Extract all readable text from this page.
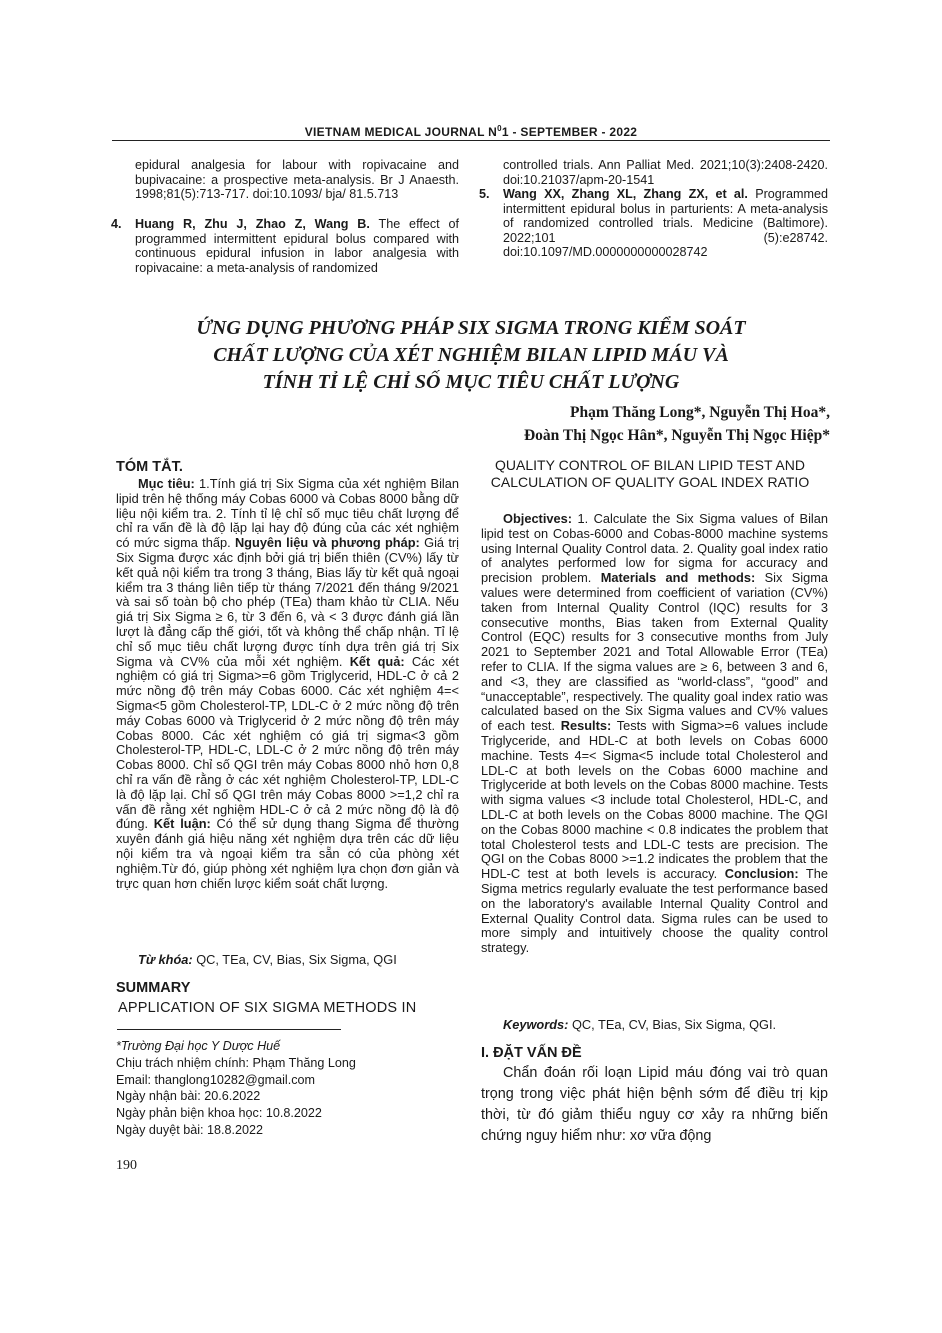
VIETNAM MEDICAL JOURNAL $N^01$ - SEPTEMBER - 2022
epidural analgesia for labour with ropivacaine and bupivacaine: a prospective meta-analysis. Br J Anaesth. 1998;81(5):713-717. doi:10.1093/ bja/ 81.5.713
4. Huang R, Zhu J, Zhao Z, Wang B. The effect of programmed intermittent epidural bolus compared with continuous epidural infusion in labor analgesia with ropivacaine: a meta-analysis of randomized
controlled trials. Ann Palliat Med. 2021;10(3):2408-2420. doi:10.21037/apm-20-1541
5. Wang XX, Zhang XL, Zhang ZX, et al. Programmed intermittent epidural bolus in parturients: A meta-analysis of randomized controlled trials. Medicine (Baltimore). 2022;101 (5):e28742. doi:10.1097/MD.0000000000028742
ỨNG DỤNG PHƯƠNG PHÁP SIX SIGMA TRONG KIỂM SOÁT
CHẤT LƯỢNG CỦA XÉT NGHIỆM BILAN LIPID MÁU VÀ
TÍNH TỈ LỆ CHỈ SỐ MỤC TIÊU CHẤT LƯỢNG
Phạm Thăng Long*, Nguyễn Thị Hoa*,
Đoàn Thị Ngọc Hân*, Nguyễn Thị Ngọc Hiệp*
TÓM TẮT.
Mục tiêu: 1.Tính giá trị Six Sigma của xét nghiệm Bilan lipid trên hệ thống máy Cobas 6000 và Cobas 8000 bằng dữ liệu nội kiểm tra. 2. Tính tỉ lệ chỉ số mục tiêu chất lượng để chỉ ra vấn đề là độ lặp lại hay độ đúng của các xét nghiệm có mức sigma thấp. Nguyên liệu và phương pháp: Giá trị Six Sigma được xác định bởi giá trị biến thiên (CV%) lấy từ kết quả nội kiểm tra trong 3 tháng, Bias lấy từ kết quả ngoại kiểm tra 3 tháng liên tiếp từ tháng 7/2021 đến tháng 9/2021 và sai số toàn bộ cho phép (TEa) tham khảo từ CLIA. Nếu giá trị Six Sigma ≥ 6, từ 3 đến 6, và < 3 được đánh giá lần lượt là đẳng cấp thế giới, tốt và không thể chấp nhận. Tỉ lệ chỉ số mục tiêu chất lượng được tính dựa trên giá trị Six Sigma và CV% của mỗi xét nghiệm. Kết quả: Các xét nghiệm có giá trị Sigma>=6 gồm Triglycerid, HDL-C ở cả 2 mức nồng độ trên máy Cobas 6000. Các xét nghiệm 4=< Sigma<5 gồm Cholesterol-TP, LDL-C ở 2 mức nồng độ trên máy Cobas 6000 và Triglycerid ở 2 mức nồng độ trên máy Cobas 8000. Các xét nghiệm có giá trị sigma<3 gồm Cholesterol-TP, HDL-C, LDL-C ở 2 mức nồng độ trên máy Cobas 8000. Chỉ số QGI trên máy Cobas 8000 nhỏ hơn 0,8 chỉ ra vấn đề rằng ở các xét nghiệm Cholesterol-TP, LDL-C là độ lặp lại. Chỉ số QGI trên máy Cobas 8000 >=1,2 chỉ ra vấn đề rằng xét nghiệm HDL-C ở cả 2 mức nồng độ là độ đúng. Kết luận: Có thể sử dụng thang Sigma để thường xuyên đánh giá hiệu năng xét nghiệm dựa trên các dữ liệu nội kiểm tra và ngoại kiểm tra sẵn có của phòng xét nghiệm.Từ đó, giúp phòng xét nghiệm lựa chọn đơn giản và trực quan hơn chiến lược kiểm soát chất lượng.
Từ khóa: QC, TEa, CV, Bias, Six Sigma, QGI
SUMMARY
APPLICATION OF SIX SIGMA METHODS IN
*Trường Đại học Y Dược Huế
Chịu trách nhiệm chính: Phạm Thăng Long
Email: thanglong10282@gmail.com
Ngày nhận bài: 20.6.2022
Ngày phản biện khoa học: 10.8.2022
Ngày duyệt bài: 18.8.2022
190
QUALITY CONTROL OF BILAN LIPID TEST AND CALCULATION OF QUALITY GOAL INDEX RATIO
Objectives: 1. Calculate the Six Sigma values of Bilan lipid test on Cobas-6000 and Cobas-8000 machine systems using Internal Quality Control data. 2. Quality goal index ratio of analytes performed low for sigma for accuracy and precision problem. Materials and methods: Six Sigma values were determined from coefficient of variation (CV%) taken from Internal Quality Control (IQC) results for 3 consecutive months, Bias taken from External Quality Control (EQC) results for 3 consecutive months from July 2021 to September 2021 and Total Allowable Error (TEa) refer to CLIA. If the sigma values are ≥ 6, between 3 and 6, and <3, they are classified as “world-class”, “good” and “unacceptable”, respectively. The quality goal index ratio was calculated based on the Six Sigma values and CV% values of each test. Results: Tests with Sigma>=6 values include Triglyceride, and HDL-C at both levels on Cobas 6000 machine. Tests 4=< Sigma<5 include total Cholesterol and LDL-C at both levels on the Cobas 6000 machine and Triglyceride at both levels on the Cobas 8000 machine. Tests with sigma values <3 include total Cholesterol, HDL-C, and LDL-C at both levels on the Cobas 8000 machine. The QGI on the Cobas 8000 machine < 0.8 indicates the problem that total Cholesterol tests and LDL-C tests are precision. The QGI on the Cobas 8000 >=1.2 indicates the problem that the HDL-C test at both levels is accuracy. Conclusion: The Sigma metrics regularly evaluate the test performance based on the laboratory's available Internal Quality Control and External Quality Control data. Sigma rules can be used to more simply and intuitively choose the quality control strategy.
Keywords: QC, TEa, CV, Bias, Six Sigma, QGI.
I. ĐẶT VẤN ĐỀ
Chẩn đoán rối loạn Lipid máu đóng vai trò quan trọng trong việc phát hiện bệnh sớm để điều trị kịp thời, từ đó giảm thiểu nguy cơ xảy ra những biến chứng nguy hiểm như: xơ vữa động
